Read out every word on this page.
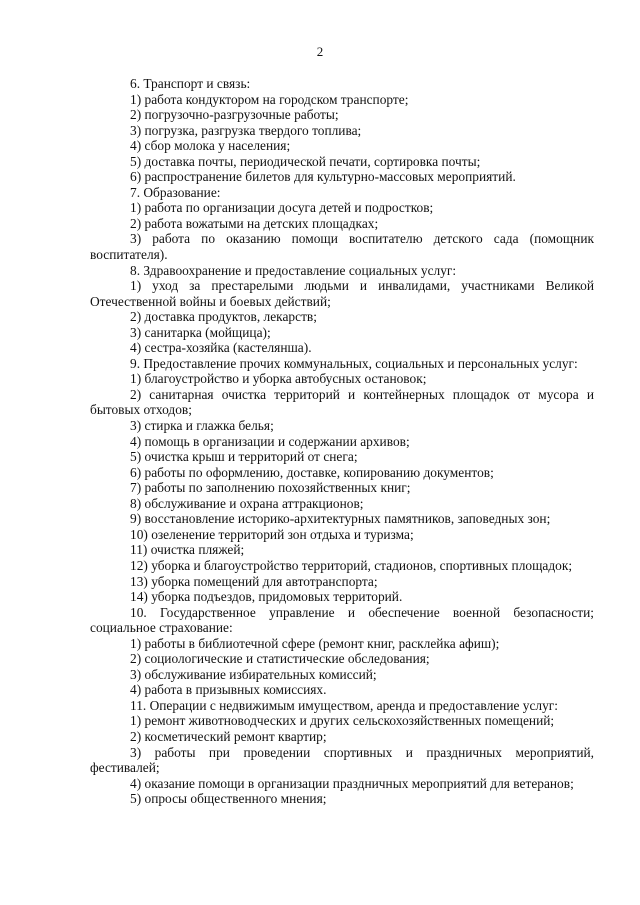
2
6. Транспорт и связь:
1) работа кондуктором на городском транспорте;
2) погрузочно-разгрузочные работы;
3) погрузка, разгрузка твердого топлива;
4) сбор молока у населения;
5) доставка почты, периодической печати, сортировка почты;
6) распространение билетов для культурно-массовых мероприятий.
7. Образование:
1) работа по организации досуга детей и подростков;
2) работа вожатыми на детских площадках;
3) работа по оказанию помощи воспитателю детского сада (помощник воспитателя).
8. Здравоохранение и предоставление социальных услуг:
1) уход за престарелыми людьми и инвалидами, участниками Великой Отечественной войны и боевых действий;
2) доставка продуктов, лекарств;
3) санитарка (мойщица);
4) сестра-хозяйка (кастелянша).
9. Предоставление прочих коммунальных, социальных и персональных услуг:
1) благоустройство и уборка автобусных остановок;
2) санитарная очистка территорий и контейнерных площадок от мусора и бытовых отходов;
3) стирка и глажка белья;
4) помощь в организации и содержании архивов;
5) очистка крыш и территорий от снега;
6) работы по оформлению, доставке, копированию документов;
7) работы по заполнению похозяйственных книг;
8) обслуживание и охрана аттракционов;
9) восстановление историко-архитектурных памятников, заповедных зон;
10) озеленение территорий зон отдыха и туризма;
11) очистка пляжей;
12) уборка и благоустройство территорий, стадионов, спортивных площадок;
13) уборка помещений для автотранспорта;
14) уборка подъездов, придомовых территорий.
10. Государственное управление и обеспечение военной безопасности; социальное страхование:
1) работы в библиотечной сфере (ремонт книг, расклейка афиш);
2) социологические и статистические обследования;
3) обслуживание избирательных комиссий;
4) работа в призывных комиссиях.
11. Операции с недвижимым имуществом, аренда и предоставление услуг:
1) ремонт животноводческих и других сельскохозяйственных помещений;
2) косметический ремонт квартир;
3) работы при проведении спортивных и праздничных мероприятий, фестивалей;
4) оказание помощи в организации праздничных мероприятий для ветеранов;
5) опросы общественного мнения;
